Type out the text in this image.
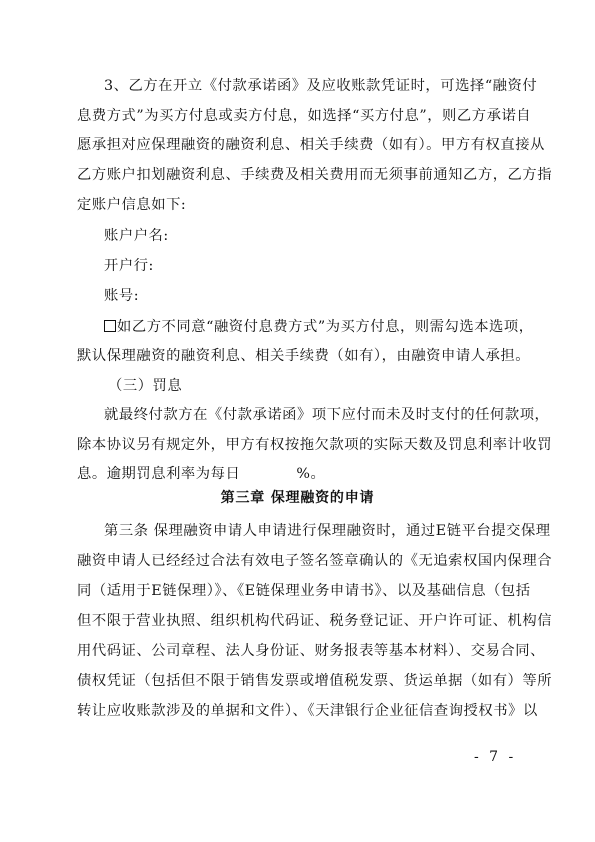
3、乙方在开立《付款承诺函》及应收账款凭证时，可选择“融资付
息费方式”为买方付息或卖方付息，如选择“买方付息”，则乙方承诺自
愿承担对应保理融资的融资利息、相关手续费（如有）。甲方有权直接从
乙方账户扣划融资利息、手续费及相关费用而无须事前通知乙方，乙方指
定账户信息如下:
账户户名:
开户行:
账号:
如乙方不同意“融资付息费方式”为买方付息，则需勾选本选项，
默认保理融资的融资利息、相关手续费（如有），由融资申请人承担。
（三）罚息
就最终付款方在《付款承诺函》项下应付而未及时支付的任何款项，
除本协议另有规定外，甲方有权按拖欠款项的实际天数及罚息利率计收罚
息。逾期罚息利率为每日	%。
第三章 保理融资的申请
第三条 保理融资申请人申请进行保理融资时，通过E链平台提交保理
融资申请人已经经过合法有效电子签名签章确认的《无追索权国内保理合
同（适用于E链保理）》、《E链保理业务申请书》、以及基础信息（包括
但不限于营业执照、组织机构代码证、税务登记证、开户许可证、机构信
用代码证、公司章程、法人身份证、财务报表等基本材料）、交易合同、
债权凭证（包括但不限于销售发票或增值税发票、货运单据（如有）等所
转让应收账款涉及的单据和文件）、《天津银行企业征信查询授权书》以
- 7 -
